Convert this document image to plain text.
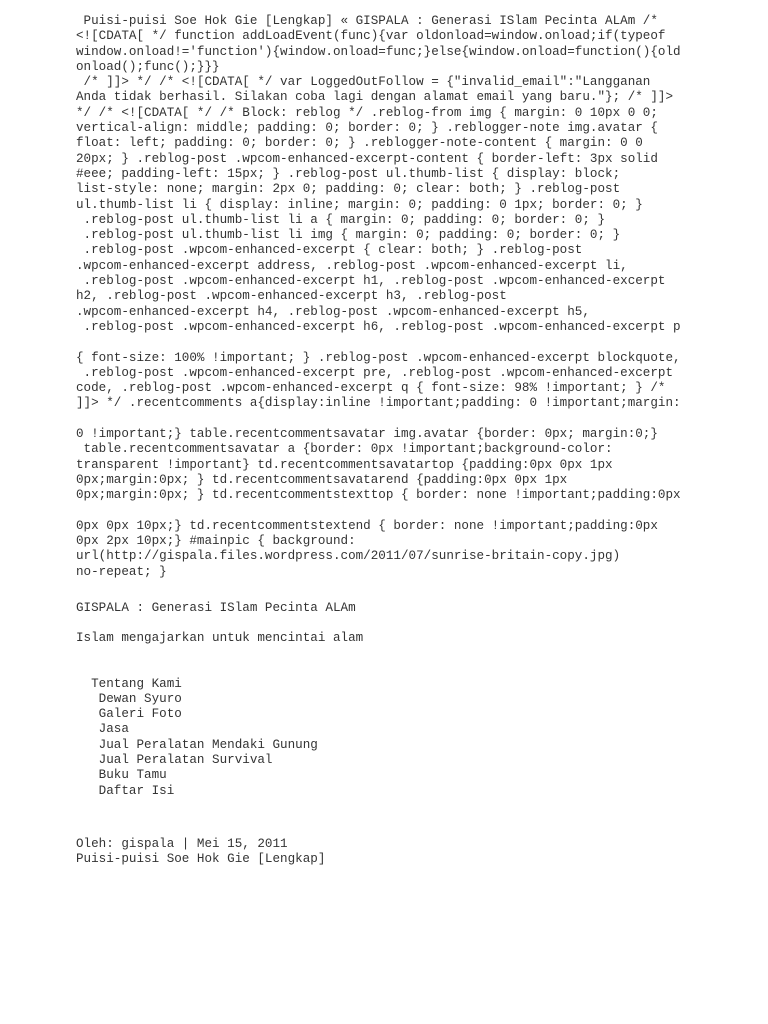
Puisi-puisi Soe Hok Gie [Lengkap] « GISPALA : Generasi ISlam Pecinta ALAm /*
<![CDATA[ */ function addLoadEvent(func){var oldonload=window.onload;if(typeof
window.onload!='function'){window.onload=func;}else{window.onload=function(){old
onload();func();}}}
/* ]]> */ /* <![CDATA[ */ var LoggedOutFollow = {"invalid_email":"Langganan
Anda tidak berhasil. Silakan coba lagi dengan alamat email yang baru."}; /* ]]>
*/ /* <![CDATA[ */ /* Block: reblog */ .reblog-from img { margin: 0 10px 0 0;
vertical-align: middle; padding: 0; border: 0; } .reblogger-note img.avatar {
float: left; padding: 0; border: 0; } .reblogger-note-content { margin: 0 0
20px; } .reblog-post .wpcom-enhanced-excerpt-content { border-left: 3px solid
#eee; padding-left: 15px; } .reblog-post ul.thumb-list { display: block;
list-style: none; margin: 2px 0; padding: 0; clear: both; } .reblog-post
ul.thumb-list li { display: inline; margin: 0; padding: 0 1px; border: 0; }
.reblog-post ul.thumb-list li a { margin: 0; padding: 0; border: 0; }
.reblog-post ul.thumb-list li img { margin: 0; padding: 0; border: 0; }
.reblog-post .wpcom-enhanced-excerpt { clear: both; } .reblog-post
.wpcom-enhanced-excerpt address, .reblog-post .wpcom-enhanced-excerpt li,
.reblog-post .wpcom-enhanced-excerpt h1, .reblog-post .wpcom-enhanced-excerpt
h2, .reblog-post .wpcom-enhanced-excerpt h3, .reblog-post
.wpcom-enhanced-excerpt h4, .reblog-post .wpcom-enhanced-excerpt h5,
.reblog-post .wpcom-enhanced-excerpt h6, .reblog-post .wpcom-enhanced-excerpt p
{ font-size: 100% !important; } .reblog-post .wpcom-enhanced-excerpt blockquote,
.reblog-post .wpcom-enhanced-excerpt pre, .reblog-post .wpcom-enhanced-excerpt
code, .reblog-post .wpcom-enhanced-excerpt q { font-size: 98% !important; } /*
]]> */ .recentcomments a{display:inline !important;padding: 0 !important;margin:
0 !important;} table.recentcommentsavatar img.avatar {border: 0px; margin:0;}
table.recentcommentsavatar a {border: 0px !important;background-color:
transparent !important} td.recentcommentsavatartop {padding:0px 0px 1px
0px;margin:0px; } td.recentcommentsavatarend {padding:0px 0px 1px
0px;margin:0px; } td.recentcommentstexttop { border: none !important;padding:0px
0px 0px 10px;} td.recentcommentstextend { border: none !important;padding:0px
0px 2px 10px;} #mainpic { background:
url(http://gispala.files.wordpress.com/2011/07/sunrise-britain-copy.jpg)
no-repeat; }
GISPALA : Generasi ISlam Pecinta ALAm
Islam mengajarkan untuk mencintai alam
Tentang Kami
Dewan Syuro
Galeri Foto
Jasa
Jual Peralatan Mendaki Gunung
Jual Peralatan Survival
Buku Tamu
Daftar Isi
Oleh: gispala | Mei 15, 2011
Puisi-puisi Soe Hok Gie [Lengkap]
